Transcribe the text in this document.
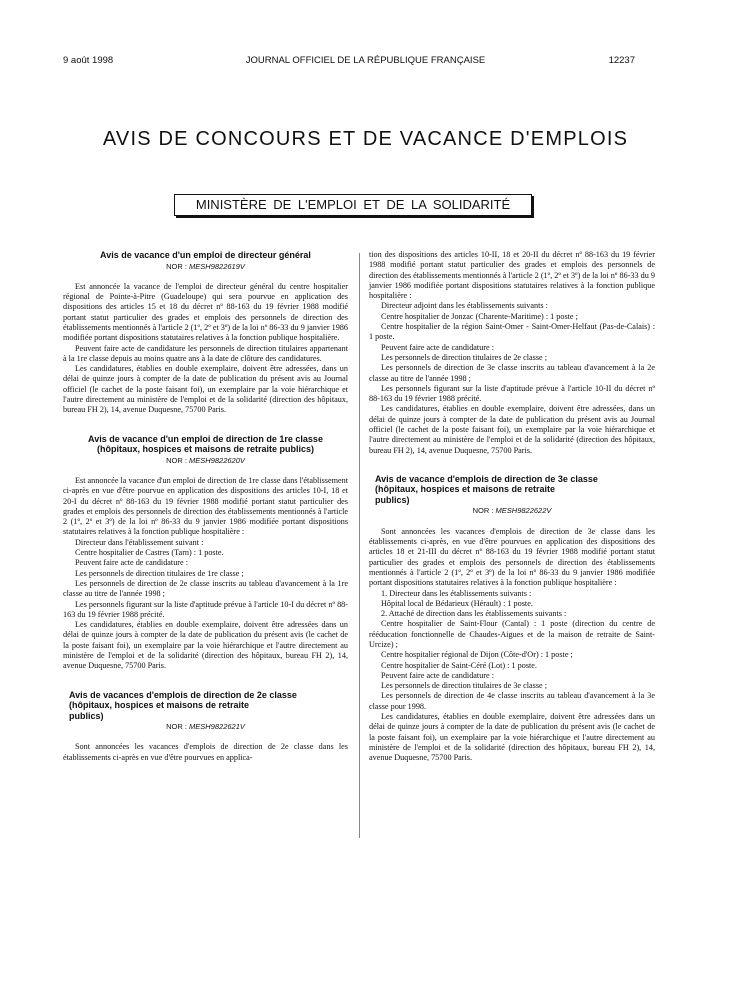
9 août 1998	JOURNAL OFFICIEL DE LA RÉPUBLIQUE FRANÇAISE	12237
AVIS DE CONCOURS ET DE VACANCE D'EMPLOIS
MINISTÈRE DE L'EMPLOI ET DE LA SOLIDARITÉ
Avis de vacance d'un emploi de directeur général
NOR : MESH9822619V

Est annoncée la vacance de l'emploi de directeur général du centre hospitalier régional de Pointe-à-Pitre (Guadeloupe) qui sera pourvue en application des dispositions des articles 15 et 18 du décret nº 88-163 du 19 février 1988 modifié portant statut particulier des grades et emplois des personnels de direction des établissements mentionnés à l'article 2 (1º, 2º et 3º) de la loi nº 86-33 du 9 janvier 1986 modifiée portant dispositions statutaires relatives à la fonction publique hospitalière.

Peuvent faire acte de candidature les personnels de direction titulaires appartenant à la 1re classe depuis au moins quatre ans à la date de clôture des candidatures.

Les candidatures, établies en double exemplaire, doivent être adressées, dans un délai de quinze jours à compter de la date de publication du présent avis au Journal officiel (le cachet de la poste faisant foi), un exemplaire par la voie hiérarchique et l'autre directement au ministère de l'emploi et de la solidarité (direction des hôpitaux, bureau FH 2), 14, avenue Duquesne, 75700 Paris.

Avis de vacance d'un emploi de direction de 1re classe
(hôpitaux, hospices et maisons de retraite publics)
NOR : MESH9822620V

Est annoncée la vacance d'un emploi de direction de 1re classe dans l'établissement ci-après en vue d'être pourvue en application des dispositions des articles 10-I, 18 et 20-I du décret nº 88-163 du 19 février 1988 modifié portant statut particulier des grades et emplois des personnels de direction des établissements mentionnés à l'article 2 (1º, 2º et 3º) de la loi nº 86-33 du 9 janvier 1986 modifiée portant dispositions statutaires relatives à la fonction publique hospitalière :

Directeur dans l'établissement suivant :

Centre hospitalier de Castres (Tarn) : 1 poste.

Peuvent faire acte de candidature :

Les personnels de direction titulaires de 1re classe ;

Les personnels de direction de 2e classe inscrits au tableau d'avancement à la 1re classe au titre de l'année 1998 ;

Les personnels figurant sur la liste d'aptitude prévue à l'article 10-I du décret nº 88-163 du 19 février 1988 précité.

Les candidatures, établies en double exemplaire, doivent être adressées dans un délai de quinze jours à compter de la date de publication du présent avis (le cachet de la poste faisant foi), un exemplaire par la voie hiérarchique et l'autre directement au ministère de l'emploi et de la solidarité (direction des hôpitaux, bureau FH 2), 14, avenue Duquesne, 75700 Paris.

Avis de vacances d'emplois de direction de 2e classe
(hôpitaux, hospices et maisons de retraite
publics)
NOR : MESH9822621V

Sont annoncées les vacances d'emplois de direction de 2e classe dans les établissements ci-après en vue d'être pourvues en applica-

tion des dispositions des articles 10-II, 18 et 20-II du décret nº 88-163 du 19 février 1988 modifié portant statut particulier des grades et emplois des personnels de direction des établissements mentionnés à l'article 2 (1º, 2º et 3º) de la loi nº 86-33 du 9 janvier 1986 modifiée portant dispositions statutaires relatives à la fonction publique hospitalière :

Directeur adjoint dans les établissements suivants :

Centre hospitalier de Jonzac (Charente-Maritime) : 1 poste ;

Centre hospitalier de la région Saint-Omer - Saint-Omer-Helfaut (Pas-de-Calais) : 1 poste.

Peuvent faire acte de candidature :

Les personnels de direction titulaires de 2e classe ;

Les personnels de direction de 3e classe inscrits au tableau d'avancement à la 2e classe au titre de l'année 1998 ;

Les personnels figurant sur la liste d'aptitude prévue à l'article 10-II du décret nº 88-163 du 19 février 1988 précité.

Les candidatures, établies en double exemplaire, doivent être adressées, dans un délai de quinze jours à compter de la date de publication du présent avis au Journal officiel (le cachet de la poste faisant foi), un exemplaire par la voie hiérarchique et l'autre directement au ministère de l'emploi et de la solidarité (direction des hôpitaux, bureau FH 2), 14, avenue Duquesne, 75700 Paris.

Avis de vacance d'emplois de direction de 3e classe
(hôpitaux, hospices et maisons de retraite
publics)
NOR : MESH9822622V

Sont annoncées les vacances d'emplois de direction de 3e classe dans les établissements ci-après, en vue d'être pourvues en application des dispositions des articles 18 et 21-III du décret nº 88-163 du 19 février 1988 modifié portant statut particulier des grades et emplois des personnels de direction des établissements mentionnés à l'article 2 (1º, 2º et 3º) de la loi nº 86-33 du 9 janvier 1986 modifiée portant dispositions statutaires relatives à la fonction publique hospitalière :

1. Directeur dans les établissements suivants :

Hôpital local de Bédarieux (Hérault) : 1 poste.

2. Attaché de direction dans les établissements suivants :

Centre hospitalier de Saint-Flour (Cantal) : 1 poste (direction du centre de rééducation fonctionnelle de Chaudes-Aigues et de la maison de retraite de Saint-Urcize) ;

Centre hospitalier régional de Dijon (Côte-d'Or) : 1 poste ;

Centre hospitalier de Saint-Céré (Lot) : 1 poste.

Peuvent faire acte de candidature :

Les personnels de direction titulaires de 3e classe ;

Les personnels de direction de 4e classe inscrits au tableau d'avancement à la 3e classe pour 1998.

Les candidatures, établies en double exemplaire, doivent être adressées dans un délai de quinze jours à compter de la date de publication du présent avis (le cachet de la poste faisant foi), un exemplaire par la voie hiérarchique et l'autre directement au ministère de l'emploi et de la solidarité (direction des hôpitaux, bureau FH 2), 14, avenue Duquesne, 75700 Paris.
